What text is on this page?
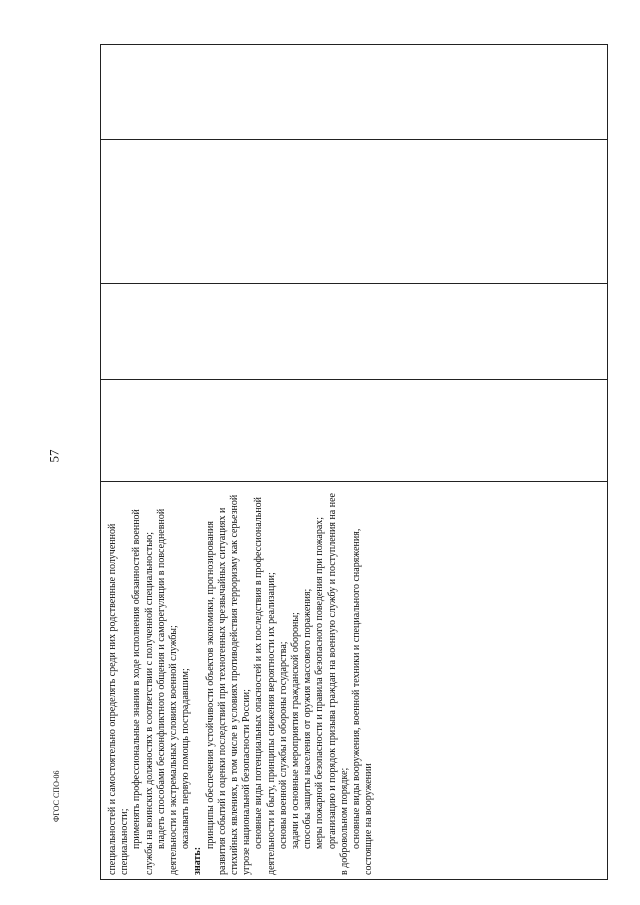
57

специальностей и самостоятельно определять среди них родственные полученной специальности; применять профессиональные знания в ходе исполнения обязанностей военной службы на воинских должностях в соответствии с полученной специальностью; владеть способами бесконфликтного общения и саморегуляции в повседневной деятельности и экстремальных условиях военной службы; оказывать первую помощь пострадавшим;

знать:

принципы обеспечения устойчивости объектов экономики, прогнозирования развития событий и оценки последствий при техногенных чрезвычайных ситуациях и стихийных явлениях, в том числе в условиях противодействия терроризму как серьезной угрозе национальной безопасности России; основные виды потенциальных опасностей и их последствия в профессиональной деятельности и быту, принципы снижения вероятности их реализации; основы военной службы и обороны государства; задачи и основные мероприятия гражданской обороны; способы защиты населения от оружия массового поражения; меры пожарной безопасности и правила безопасного поведения при пожарах; организацию и порядок призыва граждан на военную службу и поступления на нее в добровольном порядке; основные виды вооружения, военной техники и специального снаряжения, состоящие на вооружении

ФГОС СПО-06
